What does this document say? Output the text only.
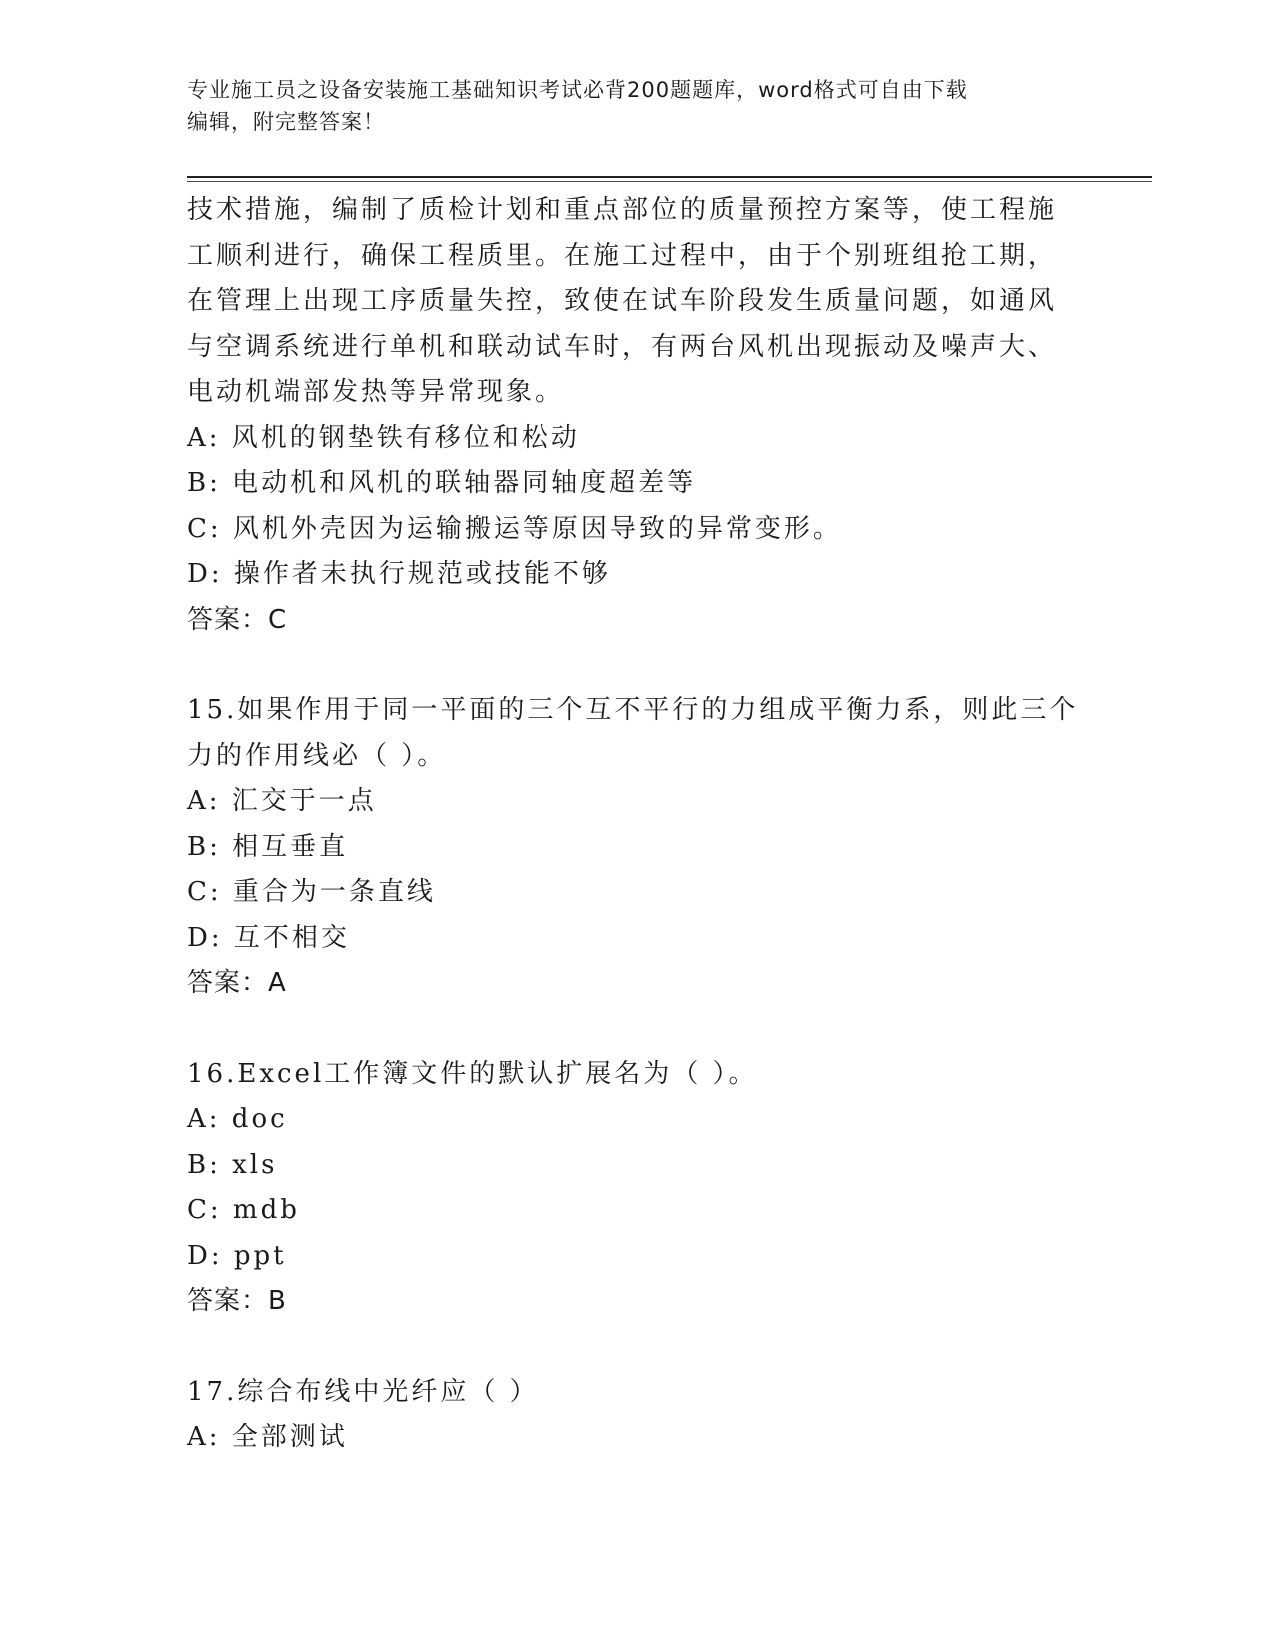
专业施工员之设备安装施工基础知识考试必背200题题库，word格式可自由下载
编辑，附完整答案！
技术措施，编制了质检计划和重点部位的质量预控方案等，使工程施
工顺利进行，确保工程质里。在施工过程中，由于个别班组抢工期，
在管理上出现工序质量失控，致使在试车阶段发生质量问题，如通风
与空调系统进行单机和联动试车时，有两台风机出现振动及噪声大、
电动机端部发热等异常现象。
A: 风机的钢垫铁有移位和松动
B: 电动机和风机的联轴器同轴度超差等
C: 风机外壳因为运输搬运等原因导致的异常变形。
D: 操作者未执行规范或技能不够
答案：C
15.如果作用于同一平面的三个互不平行的力组成平衡力系，则此三个
力的作用线必（ ）。
A: 汇交于一点
B: 相互垂直
C: 重合为一条直线
D: 互不相交
答案：A
16.Excel工作簿文件的默认扩展名为（ ）。
A: doc
B: xls
C: mdb
D: ppt
答案：B
17.综合布线中光纤应（ ）
A: 全部测试
